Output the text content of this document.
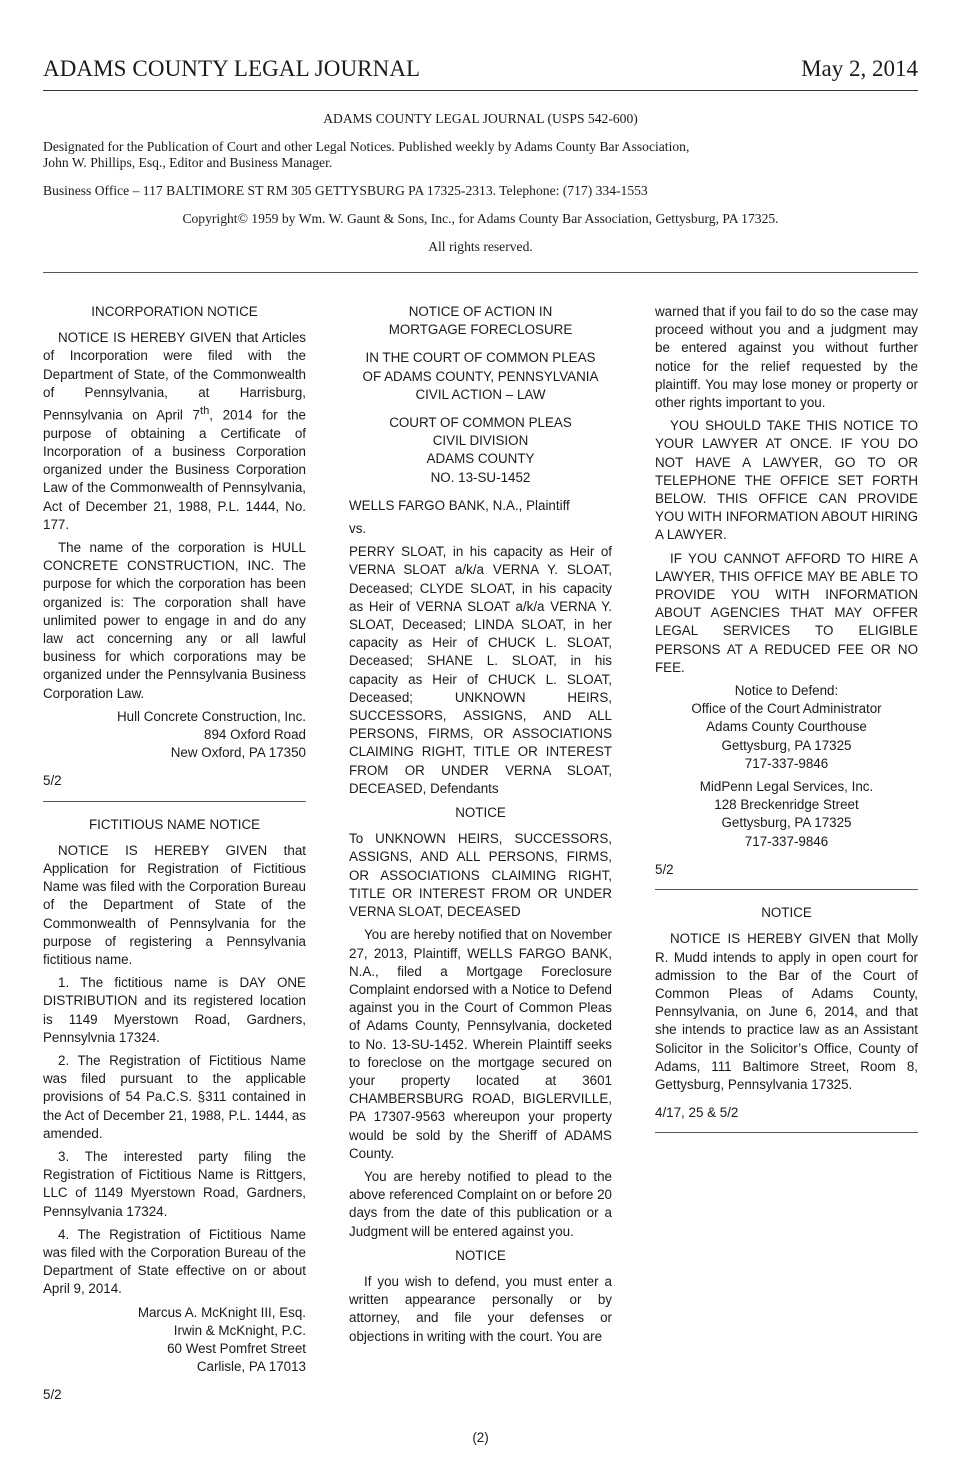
ADAMS COUNTY LEGAL JOURNAL	May 2, 2014

ADAMS COUNTY LEGAL JOURNAL (USPS 542-600)

Designated for the Publication of Court and other Legal Notices. Published weekly by Adams County Bar Association,

John W. Phillips, Esq., Editor and Business Manager.

Business Office – 117 BALTIMORE ST RM 305 GETTYSBURG PA 17325-2313. Telephone: (717) 334-1553

Copyright© 1959 by Wm. W. Gaunt & Sons, Inc., for Adams County Bar Association, Gettysburg, PA 17325.

All rights reserved.

INCORPORATION NOTICE

NOTICE IS HEREBY GIVEN that Articles of Incorporation were filed with the Department of State, of the Commonwealth of Pennsylvania, at Harrisburg, Pennsylvania on April 7th, 2014 for the purpose of obtaining a Certificate of Incorporation of a business Corporation organized under the Business Corporation Law of the Commonwealth of Pennsylvania, Act of December 21, 1988, P.L. 1444, No. 177.

The name of the corporation is HULL CONCRETE CONSTRUCTION, INC. The purpose for which the corporation has been organized is: The corporation shall have unlimited power to engage in and do any law act concerning any or all lawful business for which corporations may be organized under the Pennsylvania Business Corporation Law.

Hull Concrete Construction, Inc.

894 Oxford Road

New Oxford, PA 17350

5/2

FICTITIOUS NAME NOTICE

NOTICE IS HEREBY GIVEN that Application for Registration of Fictitious Name was filed with the Corporation Bureau of the Department of State of the Commonwealth of Pennsylvania for the purpose of registering a Pennsylvania fictitious name.

1. The fictitious name is DAY ONE DISTRIBUTION and its registered location is 1149 Myerstown Road, Gardners, Pennsylvnia 17324.

2. The Registration of Fictitious Name was filed pursuant to the applicable provisions of 54 Pa.C.S. §311 contained in the Act of December 21, 1988, P.L. 1444, as amended.

3. The interested party filing the Registration of Fictitious Name is Rittgers, LLC of 1149 Myerstown Road, Gardners, Pennsylvania 17324.

4. The Registration of Fictitious Name was filed with the Corporation Bureau of the Department of State effective on or about April 9, 2014.

Marcus A. McKnight III, Esq.

Irwin & McKnight, P.C.

60 West Pomfret Street

Carlisle, PA 17013

5/2

NOTICE OF ACTION IN

MORTGAGE FORECLOSURE

IN THE COURT OF COMMON PLEAS

OF ADAMS COUNTY, PENNSYLVANIA

CIVIL ACTION – LAW

COURT OF COMMON PLEAS

CIVIL DIVISION

ADAMS COUNTY

NO. 13-SU-1452

WELLS FARGO BANK, N.A., Plaintiff

vs.

PERRY SLOAT, in his capacity as Heir of VERNA SLOAT a/k/a VERNA Y. SLOAT, Deceased; CLYDE SLOAT, in his capacity as Heir of VERNA SLOAT a/k/a VERNA Y. SLOAT, Deceased; LINDA SLOAT, in her capacity as Heir of CHUCK L. SLOAT, Deceased; SHANE L. SLOAT, in his capacity as Heir of CHUCK L. SLOAT, Deceased; UNKNOWN HEIRS, SUCCESSORS, ASSIGNS, AND ALL PERSONS, FIRMS, OR ASSOCIATIONS CLAIMING RIGHT, TITLE OR INTEREST FROM OR UNDER VERNA SLOAT, DECEASED, Defendants

NOTICE

To UNKNOWN HEIRS, SUCCESSORS, ASSIGNS, AND ALL PERSONS, FIRMS, OR ASSOCIATIONS CLAIMING RIGHT, TITLE OR INTEREST FROM OR UNDER VERNA SLOAT, DECEASED

You are hereby notified that on November 27, 2013, Plaintiff, WELLS FARGO BANK, N.A., filed a Mortgage Foreclosure Complaint endorsed with a Notice to Defend against you in the Court of Common Pleas of Adams County, Pennsylvania, docketed to No. 13-SU-1452. Wherein Plaintiff seeks to foreclose on the mortgage secured on your property located at 3601 CHAMBERSBURG ROAD, BIGLERVILLE, PA 17307-9563 whereupon your property would be sold by the Sheriff of ADAMS County.

You are hereby notified to plead to the above referenced Complaint on or before 20 days from the date of this publication or a Judgment will be entered against you.

NOTICE

If you wish to defend, you must enter a written appearance personally or by attorney, and file your defenses or objections in writing with the court. You are

warned that if you fail to do so the case may proceed without you and a judgment may be entered against you without further notice for the relief requested by the plaintiff. You may lose money or property or other rights important to you.

YOU SHOULD TAKE THIS NOTICE TO YOUR LAWYER AT ONCE. IF YOU DO NOT HAVE A LAWYER, GO TO OR TELEPHONE THE OFFICE SET FORTH BELOW. THIS OFFICE CAN PROVIDE YOU WITH INFORMATION ABOUT HIRING A LAWYER.

IF YOU CANNOT AFFORD TO HIRE A LAWYER, THIS OFFICE MAY BE ABLE TO PROVIDE YOU WITH INFORMATION ABOUT AGENCIES THAT MAY OFFER LEGAL SERVICES TO ELIGIBLE PERSONS AT A REDUCED FEE OR NO FEE.

Notice to Defend:

Office of the Court Administrator

Adams County Courthouse

Gettysburg, PA 17325

717-337-9846

MidPenn Legal Services, Inc.

128 Breckenridge Street

Gettysburg, PA 17325

717-337-9846

5/2

NOTICE

NOTICE IS HEREBY GIVEN that Molly R. Mudd intends to apply in open court for admission to the Bar of the Court of Common Pleas of Adams County, Pennsylvania, on June 6, 2014, and that she intends to practice law as an Assistant Solicitor in the Solicitor’s Office, County of Adams, 111 Baltimore Street, Room 8, Gettysburg, Pennsylvania 17325.

4/17, 25 & 5/2

(2)
